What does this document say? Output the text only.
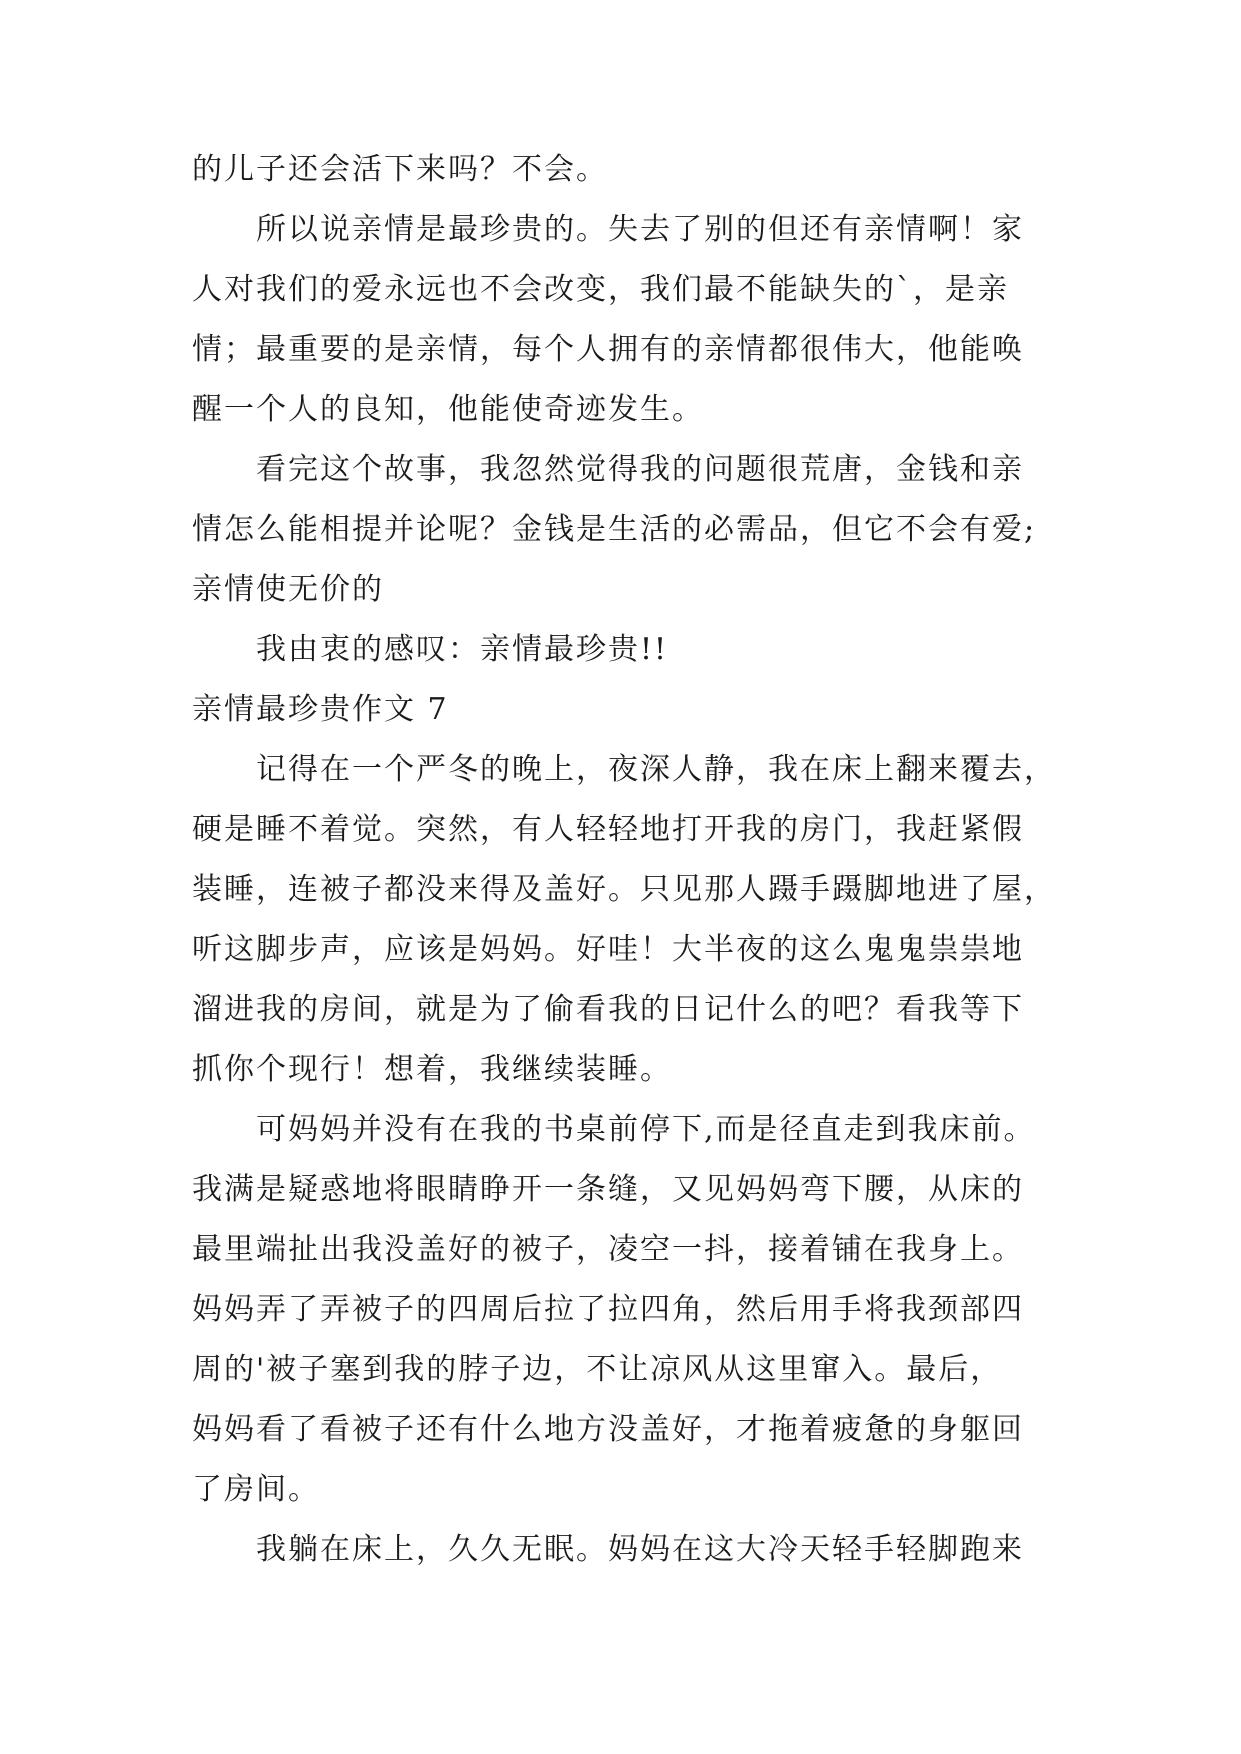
的儿子还会活下来吗？不会。
所以说亲情是最珍贵的。失去了别的但还有亲情啊！家
人对我们的爱永远也不会改变，我们最不能缺失的`，是亲
情；最重要的是亲情，每个人拥有的亲情都很伟大，他能唤
醒一个人的良知，他能使奇迹发生。
看完这个故事，我忽然觉得我的问题很荒唐，金钱和亲
情怎么能相提并论呢？金钱是生活的必需品，但它不会有爱;
亲情使无价的
我由衷的感叹：亲情最珍贵!!
亲情最珍贵作文 7
记得在一个严冬的晚上，夜深人静，我在床上翻来覆去，
硬是睡不着觉。突然，有人轻轻地打开我的房门，我赶紧假
装睡，连被子都没来得及盖好。只见那人蹑手蹑脚地进了屋，
听这脚步声，应该是妈妈。好哇！大半夜的这么鬼鬼祟祟地
溜进我的房间，就是为了偷看我的日记什么的吧？看我等下
抓你个现行！想着，我继续装睡。
可妈妈并没有在我的书桌前停下,而是径直走到我床前。
我满是疑惑地将眼睛睁开一条缝，又见妈妈弯下腰，从床的
最里端扯出我没盖好的被子，凌空一抖，接着铺在我身上。
妈妈弄了弄被子的四周后拉了拉四角，然后用手将我颈部四
周的'被子塞到我的脖子边，不让凉风从这里窜入。最后，
妈妈看了看被子还有什么地方没盖好，才拖着疲惫的身躯回
了房间。
我躺在床上，久久无眠。妈妈在这大冷天轻手轻脚跑来
